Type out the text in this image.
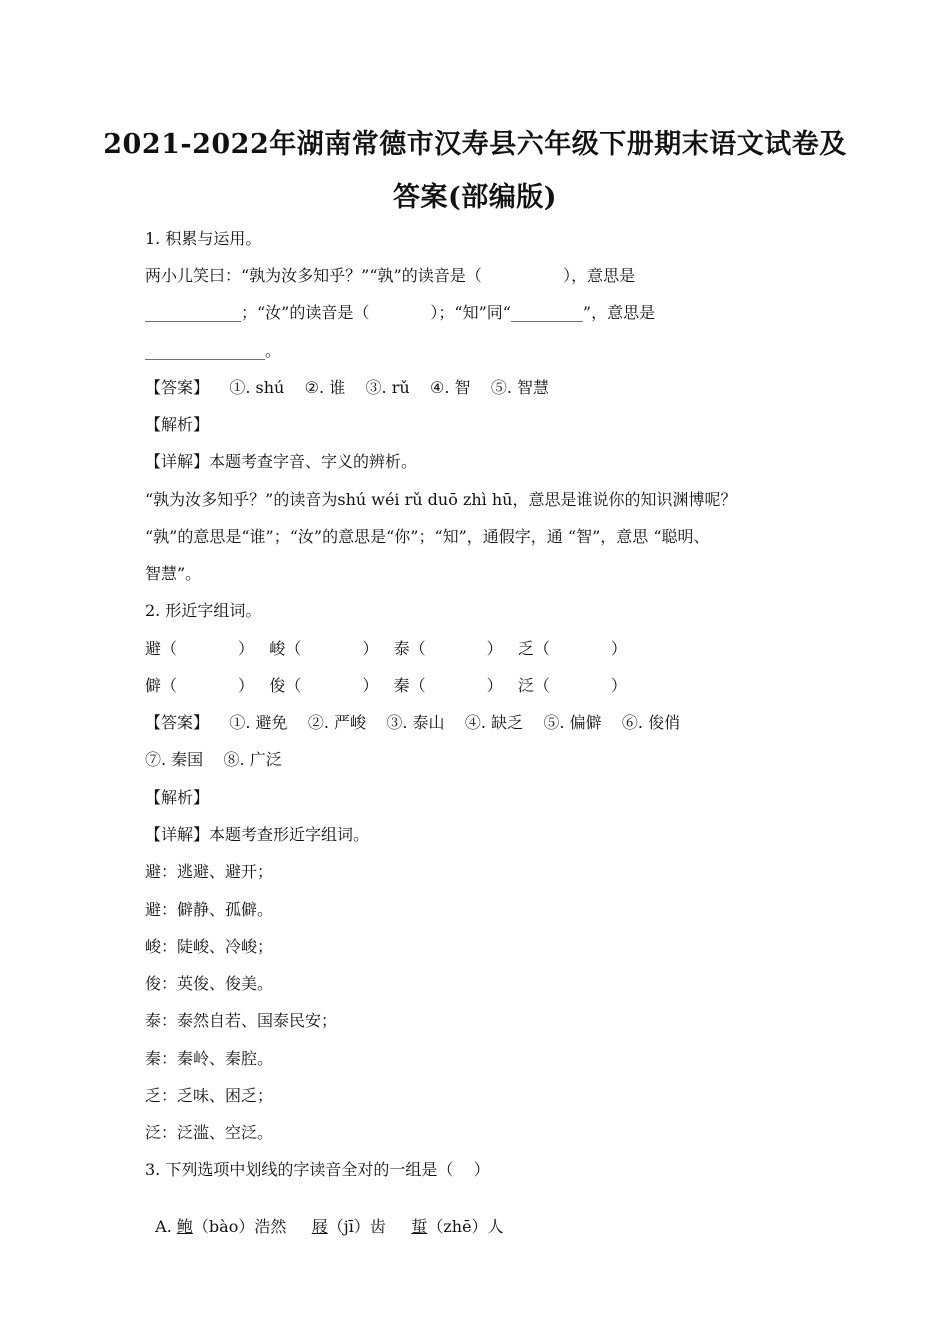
2021-2022年湖南常德市汉寿县六年级下册期末语文试卷及
答案(部编版)
1. 积累与运用。
两小儿笑曰：“孰为汝多知乎？”“孰”的读音是（                ），意思是
____________；“汝”的读音是（            ）；“知”同“_________”，意思是
_______________。
【答案】    ①. shú    ②. 谁    ③. rǔ    ④. 智    ⑤. 智慧
【解析】
【详解】本题考查字音、字义的辨析。
“孰为汝多知乎？”的读音为shú wéi rǔ duō zhì hū，意思是谁说你的知识渊博呢？
“孰”的意思是“谁”；“汝”的意思是“你”；“知”，通假字，通 “智”，意思 “聪明、
智慧”。
2. 形近字组词。
避（            ）   峻（            ）   泰（            ）   乏（            ）
僻（            ）   俊（            ）   秦（            ）   泛（            ）
【答案】    ①. 避免    ②. 严峻    ③. 泰山    ④. 缺乏    ⑤. 偏僻    ⑥. 俊俏
⑦. 秦国    ⑧. 广泛
【解析】
【详解】本题考查形近字组词。
避：逃避、避开；
避：僻静、孤僻。
峻：陡峻、冷峻；
俊：英俊、俊美。
泰：泰然自若、国泰民安；
秦：秦岭、秦腔。
乏：乏味、困乏；
泛：泛滥、空泛。
3. 下列选项中划线的字读音全对的一组是（    ）

A. 鲍（bào）浩然     屐（jī）齿     蜇（zhē）人
